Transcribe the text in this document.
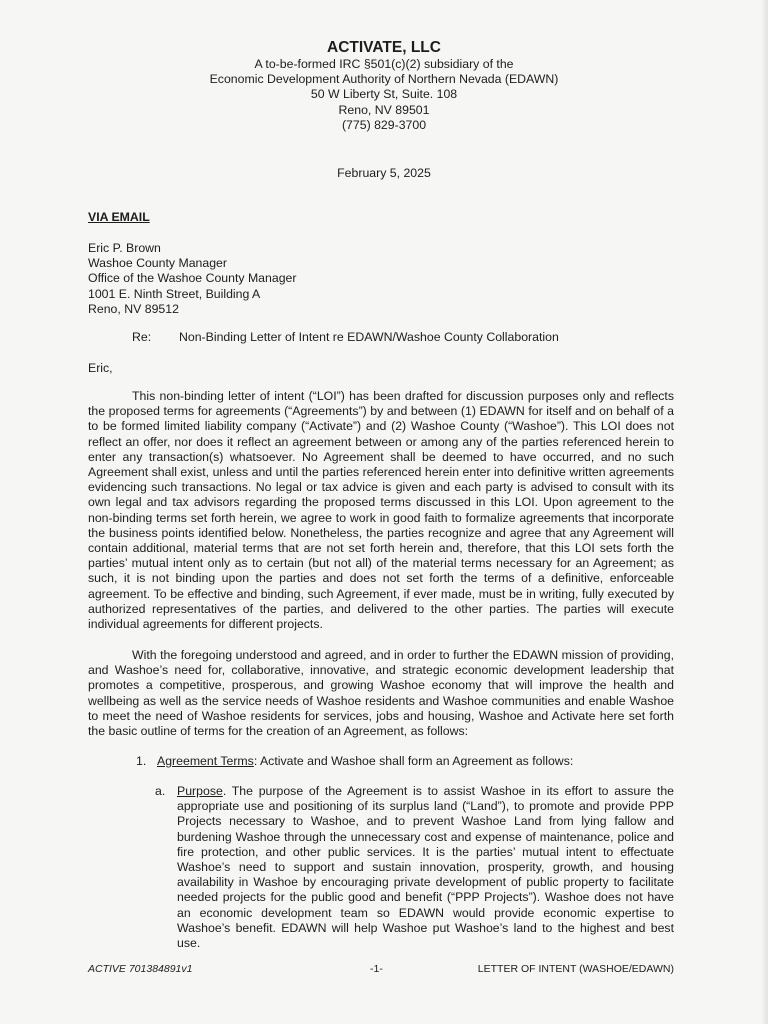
ACTIVATE, LLC
A to-be-formed IRC §501(c)(2) subsidiary of the
Economic Development Authority of Northern Nevada (EDAWN)
50 W Liberty St, Suite. 108
Reno, NV 89501
(775) 829-3700
February 5, 2025
VIA EMAIL
Eric P. Brown
Washoe County Manager
Office of the Washoe County Manager
1001 E. Ninth Street, Building A
Reno, NV 89512
Re: Non-Binding Letter of Intent re EDAWN/Washoe County Collaboration
Eric,
This non-binding letter of intent (“LOI”) has been drafted for discussion purposes only and reflects the proposed terms for agreements (“Agreements”) by and between (1) EDAWN for itself and on behalf of a to be formed limited liability company (“Activate”) and (2) Washoe County (“Washoe”). This LOI does not reflect an offer, nor does it reflect an agreement between or among any of the parties referenced herein to enter any transaction(s) whatsoever. No Agreement shall be deemed to have occurred, and no such Agreement shall exist, unless and until the parties referenced herein enter into definitive written agreements evidencing such transactions. No legal or tax advice is given and each party is advised to consult with its own legal and tax advisors regarding the proposed terms discussed in this LOI. Upon agreement to the non-binding terms set forth herein, we agree to work in good faith to formalize agreements that incorporate the business points identified below. Nonetheless, the parties recognize and agree that any Agreement will contain additional, material terms that are not set forth herein and, therefore, that this LOI sets forth the parties’ mutual intent only as to certain (but not all) of the material terms necessary for an Agreement; as such, it is not binding upon the parties and does not set forth the terms of a definitive, enforceable agreement. To be effective and binding, such Agreement, if ever made, must be in writing, fully executed by authorized representatives of the parties, and delivered to the other parties. The parties will execute individual agreements for different projects.
With the foregoing understood and agreed, and in order to further the EDAWN mission of providing, and Washoe’s need for, collaborative, innovative, and strategic economic development leadership that promotes a competitive, prosperous, and growing Washoe economy that will improve the health and wellbeing as well as the service needs of Washoe residents and Washoe communities and enable Washoe to meet the need of Washoe residents for services, jobs and housing, Washoe and Activate here set forth the basic outline of terms for the creation of an Agreement, as follows:
1. Agreement Terms: Activate and Washoe shall form an Agreement as follows:
a. Purpose. The purpose of the Agreement is to assist Washoe in its effort to assure the appropriate use and positioning of its surplus land (“Land”), to promote and provide PPP Projects necessary to Washoe, and to prevent Washoe Land from lying fallow and burdening Washoe through the unnecessary cost and expense of maintenance, police and fire protection, and other public services. It is the parties’ mutual intent to effectuate Washoe’s need to support and sustain innovation, prosperity, growth, and housing availability in Washoe by encouraging private development of public property to facilitate needed projects for the public good and benefit (“PPP Projects”). Washoe does not have an economic development team so EDAWN would provide economic expertise to Washoe’s benefit. EDAWN will help Washoe put Washoe’s land to the highest and best use.
ACTIVE 701384891v1	-1-	LETTER OF INTENT (WASHOE/EDAWN)
